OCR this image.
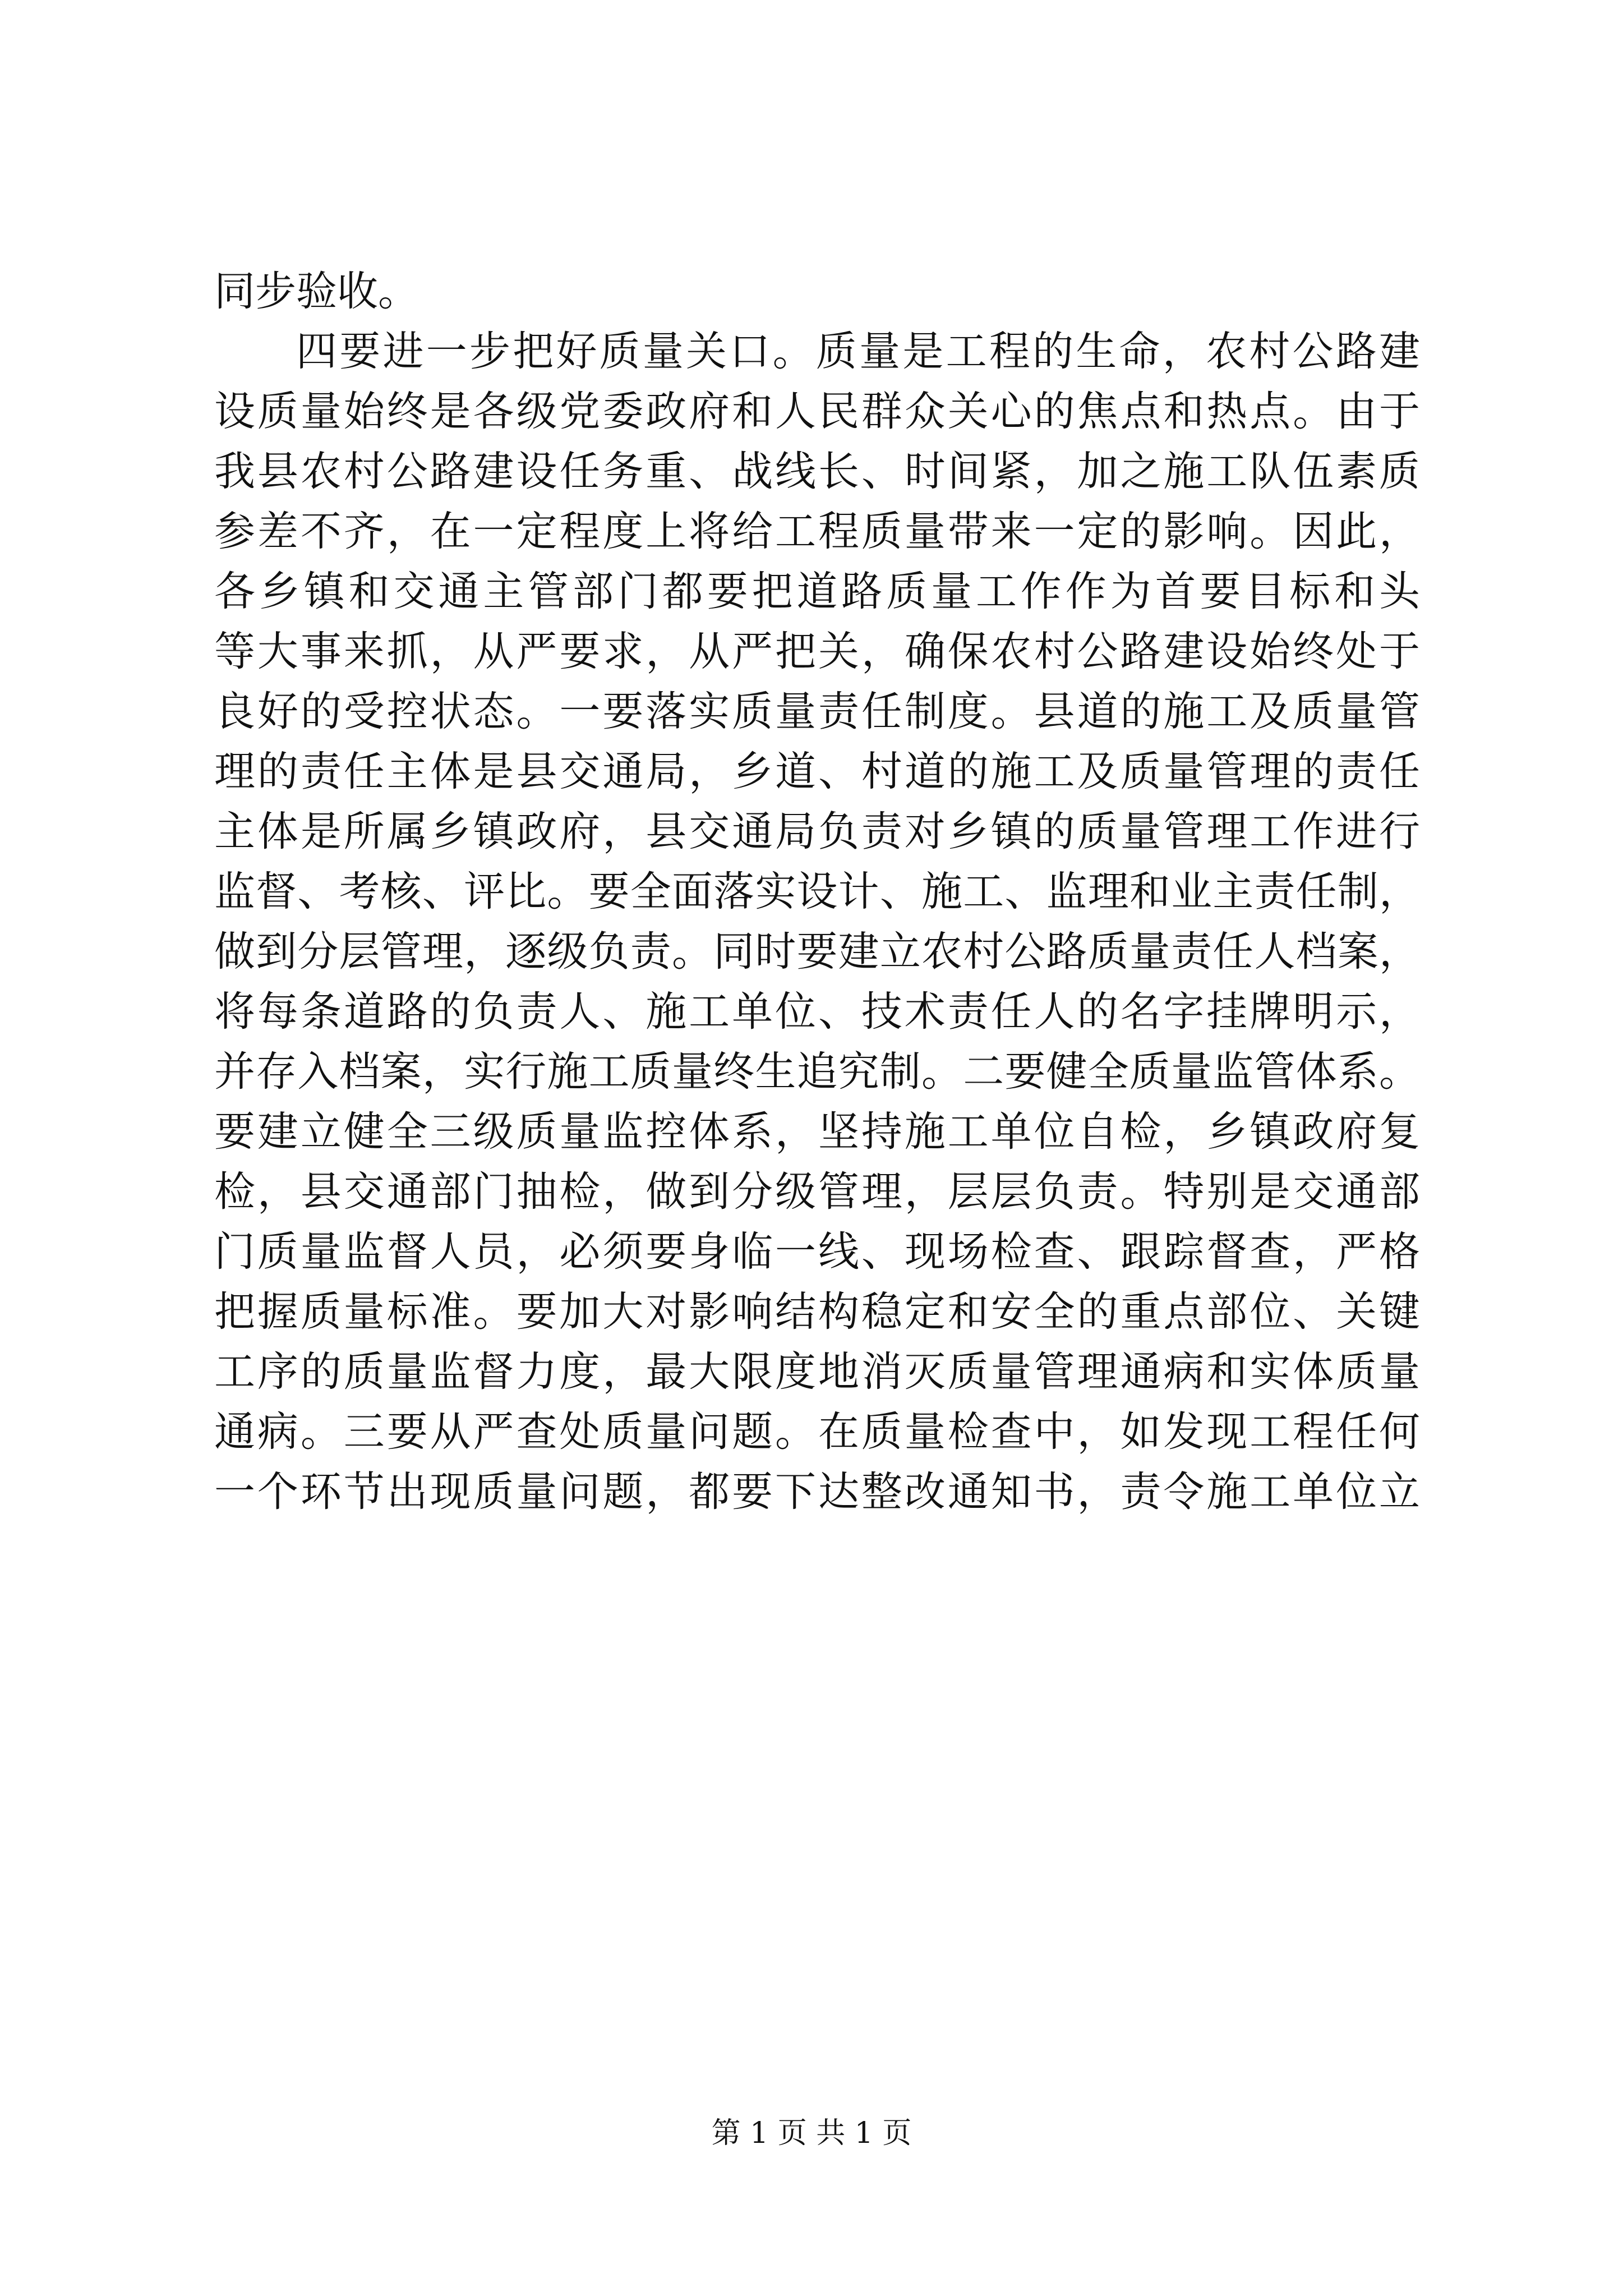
同步验收。
四要进一步把好质量关口。质量是工程的生命，农村公路建
设质量始终是各级党委政府和人民群众关心的焦点和热点。由于
我县农村公路建设任务重、战线长、时间紧，加之施工队伍素质
参差不齐，在一定程度上将给工程质量带来一定的影响。因此，
各乡镇和交通主管部门都要把道路质量工作作为首要目标和头
等大事来抓，从严要求，从严把关，确保农村公路建设始终处于
良好的受控状态。一要落实质量责任制度。县道的施工及质量管
理的责任主体是县交通局，乡道、村道的施工及质量管理的责任
主体是所属乡镇政府，县交通局负责对乡镇的质量管理工作进行
监督、考核、评比。要全面落实设计、施工、监理和业主责任制，
做到分层管理，逐级负责。同时要建立农村公路质量责任人档案，
将每条道路的负责人、施工单位、技术责任人的名字挂牌明示，
并存入档案，实行施工质量终生追究制。二要健全质量监管体系。
要建立健全三级质量监控体系，坚持施工单位自检，乡镇政府复
检，县交通部门抽检，做到分级管理，层层负责。特别是交通部
门质量监督人员，必须要身临一线、现场检查、跟踪督查，严格
把握质量标准。要加大对影响结构稳定和安全的重点部位、关键
工序的质量监督力度，最大限度地消灭质量管理通病和实体质量
通病。三要从严查处质量问题。在质量检查中，如发现工程任何
一个环节出现质量问题，都要下达整改通知书，责令施工单位立
第 1 页 共 1 页
